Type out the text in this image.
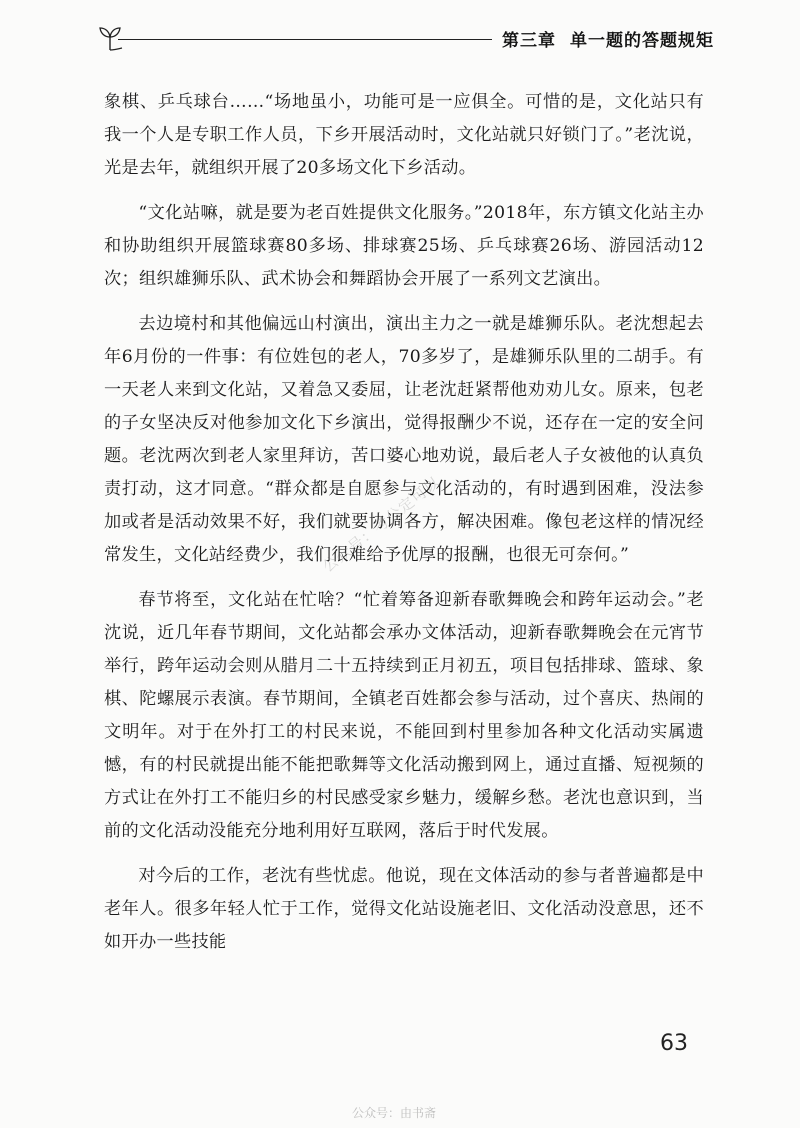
第三章 单一题的答题规矩

象棋、乒乓球台……“场地虽小，功能可是一应俱全。可惜的是，文化站只有我一个人是专职工作人员，下乡开展活动时，文化站就只好锁门了。”老沈说，光是去年，就组织开展了20多场文化下乡活动。

“文化站嘛，就是要为老百姓提供文化服务。”2018年，东方镇文化站主办和协助组织开展篮球赛80多场、排球赛25场、乒乓球赛26场、游园活动12次；组织雄狮乐队、武术协会和舞蹈协会开展了一系列文艺演出。

去边境村和其他偏远山村演出，演出主力之一就是雄狮乐队。老沈想起去年6月份的一件事：有位姓包的老人，70多岁了，是雄狮乐队里的二胡手。有一天老人来到文化站，又着急又委屈，让老沈赶紧帮他劝劝儿女。原来，包老的子女坚决反对他参加文化下乡演出，觉得报酬少不说，还存在一定的安全问题。老沈两次到老人家里拜访，苦口婆心地劝说，最后老人子女被他的认真负责打动，这才同意。“群众都是自愿参与文化活动的，有时遇到困难，没法参加或者是活动效果不好，我们就要协调各方，解决困难。像包老这样的情况经常发生，文化站经费少，我们很难给予优厚的报酬，也很无可奈何。”

春节将至，文化站在忙啥？“忙着筹备迎新春歌舞晚会和跨年运动会。”老沈说，近几年春节期间，文化站都会承办文体活动，迎新春歌舞晚会在元宵节举行，跨年运动会则从腊月二十五持续到正月初五，项目包括排球、篮球、象棋、陀螺展示表演。春节期间，全镇老百姓都会参与活动，过个喜庆、热闹的文明年。对于在外打工的村民来说，不能回到村里参加各种文化活动实属遗憾，有的村民就提出能不能把歌舞等文化活动搬到网上，通过直播、短视频的方式让在外打工不能归乡的村民感受家乡魅力，缓解乡愁。老沈也意识到，当前的文化活动没能充分地利用好互联网，落后于时代发展。

对今后的工作，老沈有些忧虑。他说，现在文体活动的参与者普遍都是中老年人。很多年轻人忙于工作，觉得文化站设施老旧、文化活动没意思，还不如开办一些技能

公众号：考公定可以
63
公众号：由书斋
